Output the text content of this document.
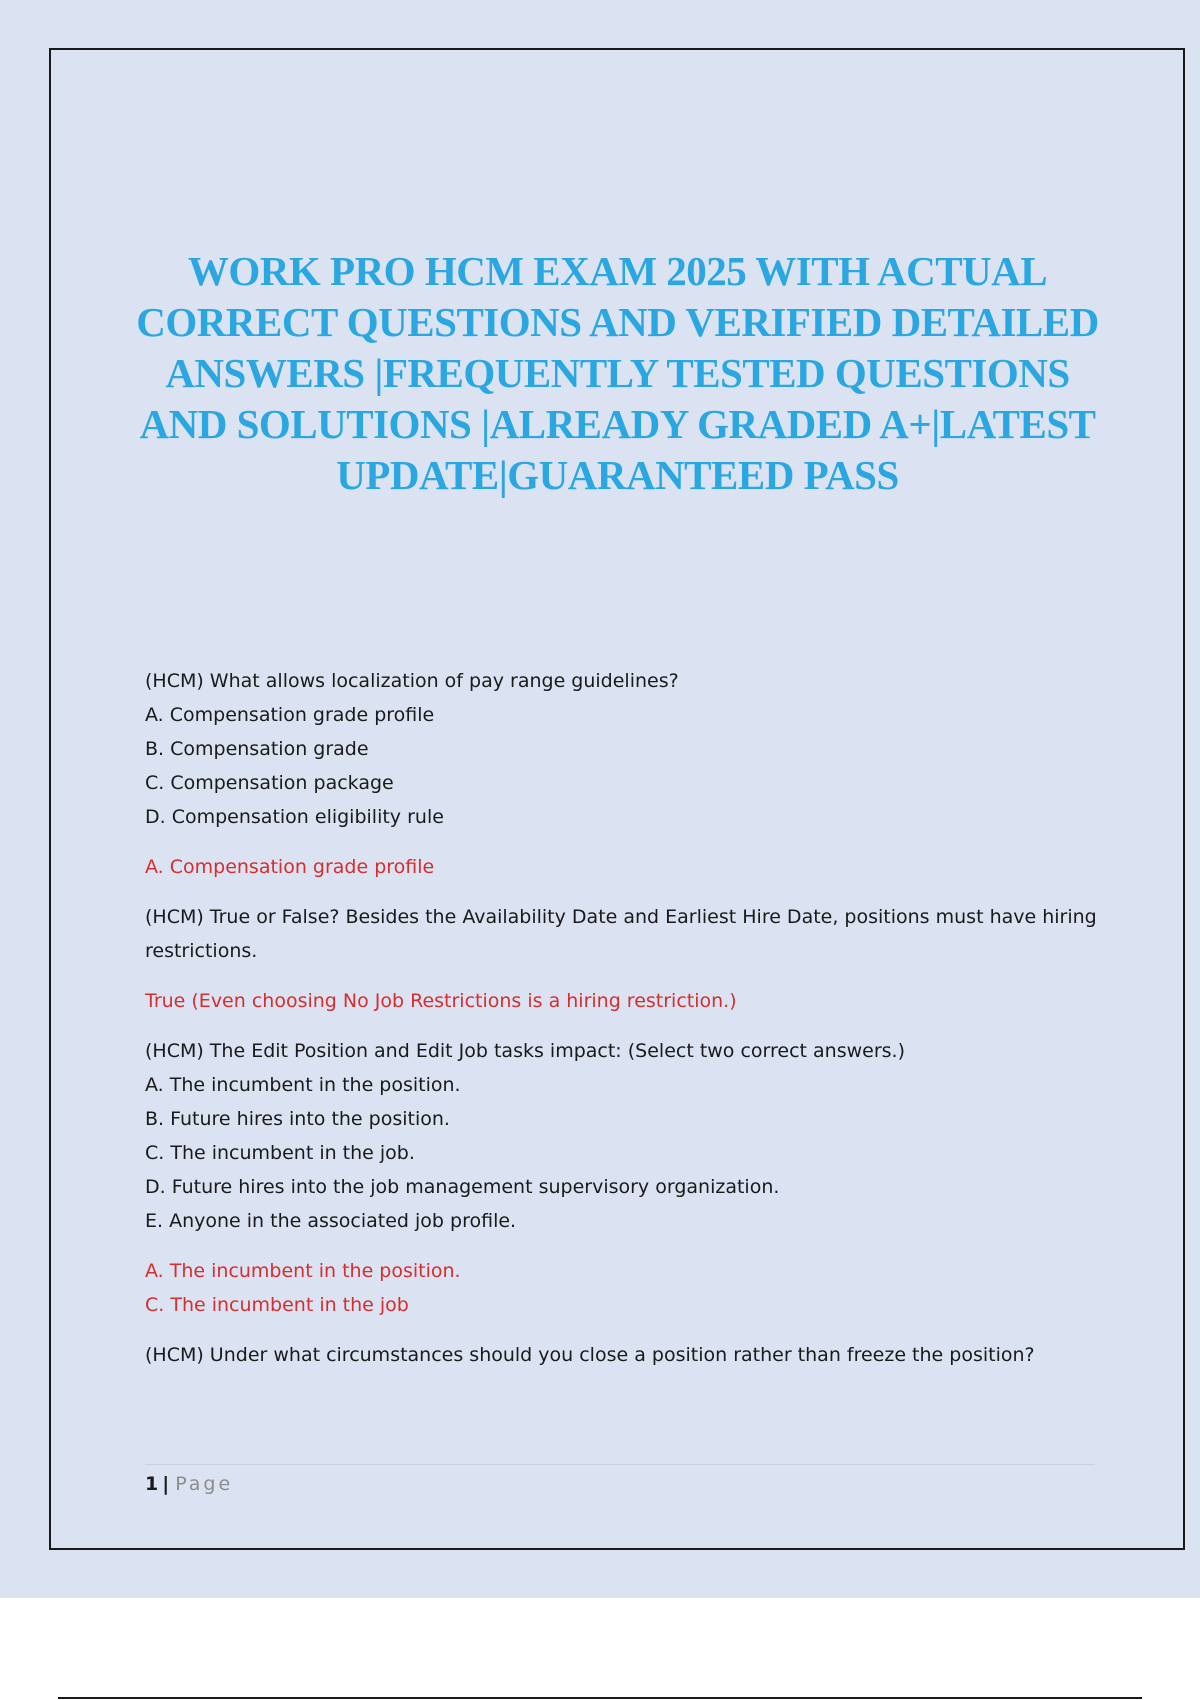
WORK PRO HCM EXAM 2025 WITH ACTUAL CORRECT QUESTIONS AND VERIFIED DETAILED ANSWERS |FREQUENTLY TESTED QUESTIONS AND SOLUTIONS |ALREADY GRADED A+|LATEST UPDATE|GUARANTEED PASS
(HCM) What allows localization of pay range guidelines?
A. Compensation grade profile
B. Compensation grade
C. Compensation package
D. Compensation eligibility rule
A. Compensation grade profile
(HCM) True or False? Besides the Availability Date and Earliest Hire Date, positions must have hiring restrictions.
True (Even choosing No Job Restrictions is a hiring restriction.)
(HCM) The Edit Position and Edit Job tasks impact: (Select two correct answers.)
A. The incumbent in the position.
B. Future hires into the position.
C. The incumbent in the job.
D. Future hires into the job management supervisory organization.
E. Anyone in the associated job profile.
A. The incumbent in the position.
C. The incumbent in the job
(HCM) Under what circumstances should you close a position rather than freeze the position?
1 | Page
